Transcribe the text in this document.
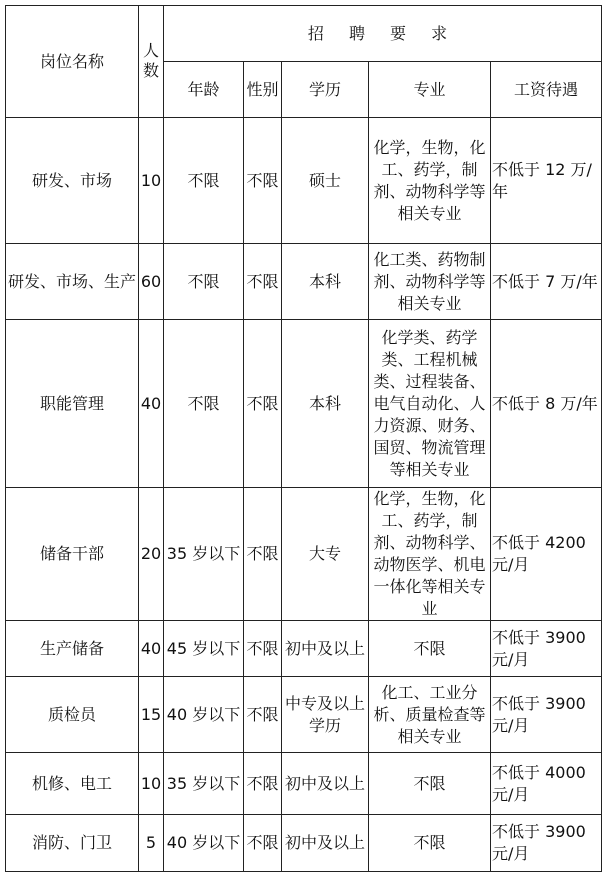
岗位名称	人数	招 聘 要 求				
		年龄	性别	学历	专业	工资待遇
研发、市场	10	不限	不限	硕士	化学，生物，化工、药学，制剂、动物科学等相关专业	不低于 12 万/年
研发、市场、生产	60	不限	不限	本科	化工类、药物制剂、动物科学等相关专业	不低于 7 万/年
职能管理	40	不限	不限	本科	化学类、药学类、工程机械类、过程装备、电气自动化、人力资源、财务、国贸、物流管理等相关专业	不低于 8 万/年
储备干部	20	35 岁以下	不限	大专	化学，生物，化工、药学，制剂、动物科学、动物医学、机电一体化等相关专业	不低于 4200 元/月
生产储备	40	45 岁以下	不限	初中及以上	不限	不低于 3900 元/月
质检员	15	40 岁以下	不限	中专及以上学历	化工、工业分析、质量检查等相关专业	不低于 3900 元/月
机修、电工	10	35 岁以下	不限	初中及以上	不限	不低于 4000 元/月
消防、门卫	5	40 岁以下	不限	初中及以上	不限	不低于 3900 元/月
